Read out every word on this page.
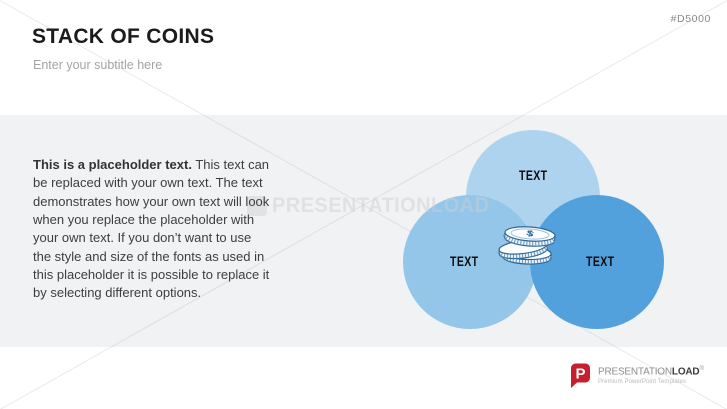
STACK OF COINS
Enter your subtitle here
#D5000
This is a placeholder text. This text can
be replaced with your own text. The text
demonstrates how your own text will look
when you replace the placeholder with
your own text. If you don’t want to use
the style and size of the fonts as used in
this placeholder it is possible to replace it
by selecting different options.
PRESENTATIONLOAD
TEXT
TEXT	TEXT
$
P PRESENTATIONLOAD®
Premium PowerPoint Templates
